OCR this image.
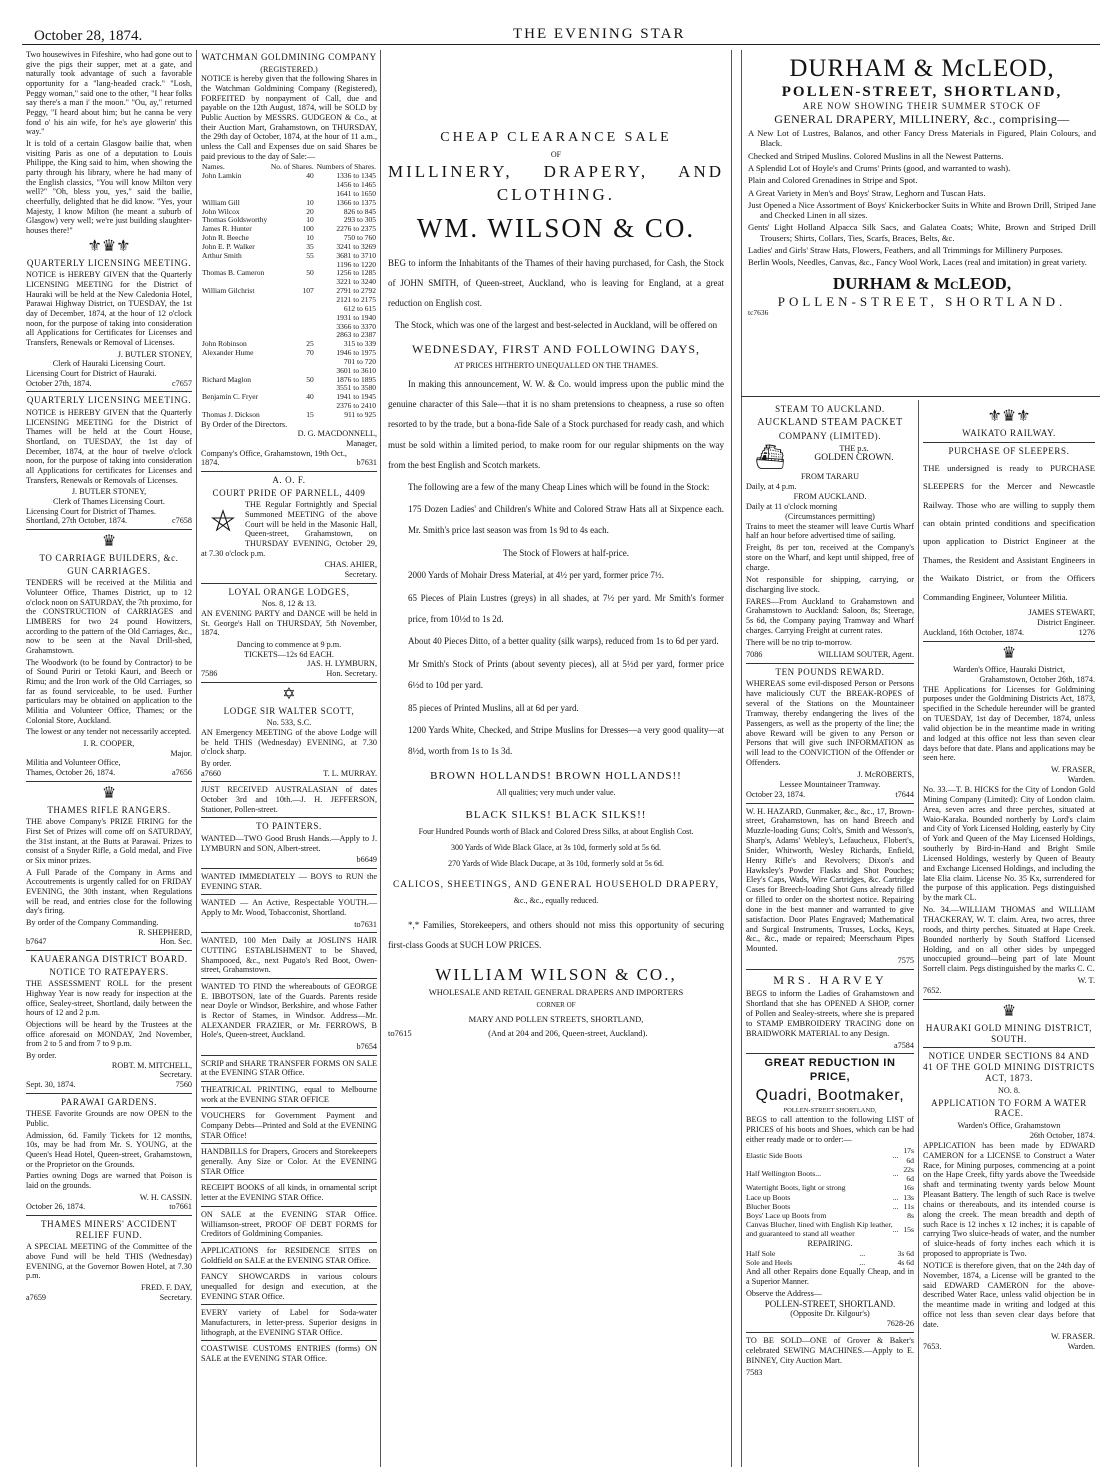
October 28, 1874.	THE EVENING STAR

Two housewives in Fifeshire, who had gone out to give the pigs their supper, met at a gate, and naturally took advantage of such a favorable opportunity for a "lang-headed crack." "Losh, Peggy woman," said one to the other, "I hear folks say there's a man i' the moon." "Ou, ay," returned Peggy, "I heard about him; but he canna be very fond o' his ain wife, for he's aye glowerin' this way."

It is told of a certain Glasgow bailie that, when visiting Paris as one of a deputation to Louis Philippe, the King said to him, when showing the party through his library, where he had many of the English classics, "You will know Milton very well?" "Oh, bless you, yes," said the bailie, cheerfully, delighted that he did know. "Yes, your Majesty, I know Milton (he meant a suburb of Glasgow) very well; we're just building slaughter-houses there!"

⚜♛⚜
QUARTERLY LICENSING MEETING.

NOTICE is HEREBY GIVEN that the Quarterly LICENSING MEETING for the District of Hauraki will be held at the New Caledonia Hotel, Parawai Highway District, on TUESDAY, the 1st day of December, 1874, at the hour of 12 o'clock noon, for the purpose of taking into consideration all Applications for Certificates for Licenses and Transfers, Renewals or Removal of Licenses.

J. BUTLER STONEY,
Clerk of Hauraki Licensing Court.
Licensing Court for District of Hauraki.
October 27th, 1874.	c7657
QUARTERLY LICENSING MEETING.

NOTICE is HEREBY GIVEN that the Quarterly LICENSING MEETING for the District of Thames will be held at the Court House, Shortland, on TUESDAY, the 1st day of December, 1874, at the hour of twelve o'clock noon, for the purpose of taking into consideration all Applications for certificates for Licenses and Transfers, Renewals or Removals of Licenses.

J. BUTLER STONEY,
Clerk of Thames Licensing Court.
Licensing Court for District of Thames.
Shortland, 27th October, 1874.	c7658
♛
TO CARRIAGE BUILDERS, &c.
GUN CARRIAGES.

TENDERS will be received at the Militia and Volunteer Office, Thames District, up to 12 o'clock noon on SATURDAY, the 7th proximo, for the CONSTRUCTION of CARRIAGES and LIMBERS for two 24 pound Howitzers, according to the pattern of the Old Carriages, &c., now to be seen at the Naval Drill-shed, Grahamstown.

The Woodwork (to be found by Contractor) to be of Sound Puriri or Tetoki Kauri, and Beech or Rimu; and the Iron work of the Old Carriages, so far as found serviceable, to be used. Further particulars may be obtained on application to the Militia and Volunteer Office, Thames; or the Colonial Store, Auckland.

The lowest or any tender not necessarily accepted.

I. R. COOPER,
Major.
Militia and Volunteer Office,
Thames, October 26, 1874.	a7656
♛
THAMES RIFLE RANGERS.

THE above Company's PRIZE FIRING for the First Set of Prizes will come off on SATURDAY, the 31st instant, at the Butts at Parawai. Prizes to consist of a Snyder Rifle, a Gold medal, and Five or Six minor prizes.

A Full Parade of the Company in Arms and Accoutrements is urgently called for on FRIDAY EVENING, the 30th instant, when Regulations will be read, and entries close for the following day's firing.

By order of the Company Commanding.
R. SHEPHERD,
b7647	Hon. Sec.
KAUAERANGA DISTRICT BOARD.
NOTICE TO RATEPAYERS.

THE ASSESSMENT ROLL for the present Highway Year is now ready for inspection at the office, Sealey-street, Shortland, daily between the hours of 12 and 2 p.m.

Objections will be heard by the Trustees at the office aforesaid on MONDAY, 2nd November, from 2 to 5 and from 7 to 9 p.m.

By order.
ROBT. M. MITCHELL,
Secretary.
Sept. 30, 1874.	7560
PARAWAI GARDENS.

THESE Favorite Grounds are now OPEN to the Public.

Admission, 6d. Family Tickets for 12 months, 10s, may be had from Mr. S. YOUNG, at the Queen's Head Hotel, Queen-street, Grahamstown, or the Proprietor on the Grounds.

Parties owning Dogs are warned that Poison is laid on the grounds.

W. H. CASSIN.
October 26, 1874.	to7661
THAMES MINERS' ACCIDENT RELIEF FUND.

A SPECIAL MEETING of the Committee of the above Fund will be held THIS (Wednesday) EVENING, at the Governor Bowen Hotel, at 7.30 p.m.

FRED. F. DAY,
a7659	Secretary.
WATCHMAN GOLDMINING COMPANY
(REGISTERED.)

NOTICE is hereby given that the following Shares in the Watchman Goldmining Company (Registered), FORFEITED by nonpayment of Call, due and payable on the 12th August, 1874, will be SOLD by Public Auction by MESSRS. GUDGEON & Co., at their Auction Mart, Grahamstown, on THURSDAY, the 29th day of October, 1874, at the hour of 11 a.m., unless the Call and Expenses due on said Shares be paid previous to the day of Sale:—

Names.	No. of Shares.	Numbers of Shares.
John Lamkin	40	1336 to 1345
		1456 to 1465
		1641 to 1650
William Gill	10	1366 to 1375
John Wilcox	20	826 to 845
Thomas Goldsworthy	10	293 to 305
James R. Hunter	100	2276 to 2375
John R. Beeche	10	750 to 760
John E. P. Walker	35	3241 to 3269
Arthur Smith	55	3681 to 3710
		1196 to 1220
Thomas B. Cameron	50	1256 to 1285
		3221 to 3240
William Gilchrist	107	2791 to 2792
		2121 to 2175
		612 to 615
		1931 to 1940
		3366 to 3370
		2863 to 2387
John Robinson	25	315 to 339
Alexander Hume	70	1946 to 1975
		701 to 720
		3601 to 3610
Richard Maglon	50	1876 to 1895
		3551 to 3580
Benjamin C. Fryer	40	1941 to 1945
		2376 to 2410
Thomas J. Dickson	15	911 to 925
By Order of the Directors.
D. G. MACDONNELL,
Manager,
Company's Office, Grahamstown, 19th Oct.,
1874.	b7631
A. O. F.
COURT PRIDE OF PARNELL, 4409
⛤

THE Regular Fortnightly and Special Summoned MEETING of the above Court will be held in the Masonic Hall, Queen-street, Grahamstown, on THURSDAY EVENING, October 29, at 7.30 o'clock p.m.

CHAS. AHIER,
Secretary.
LOYAL ORANGE LODGES,
Nos. 8, 12 & 13.

AN EVENING PARTY and DANCE will be held in St. George's Hall on THURSDAY, 5th November, 1874.

Dancing to commence at 9 p.m.
TICKETS—12s 6d EACH.
JAS. H. LYMBURN,
7586	Hon. Secretary.
✡
LODGE SIR WALTER SCOTT,
No. 533, S.C.

AN Emergency MEETING of the above Lodge will be held THIS (Wednesday) EVENING, at 7.30 o'clock sharp.

By order.
a7660	T. L. MURRAY.

JUST RECEIVED AUSTRALASIAN of dates October 3rd and 10th.—J. H. JEFFERSON, Stationer, Pollen-street.

TO PAINTERS.

WANTED—TWO Good Brush Hands.—Apply to J. LYMBURN and SON, Albert-street.

b6649

WANTED IMMEDIATELY — BOYS to RUN the EVENING STAR.

WANTED — An Active, Respectable YOUTH.—Apply to Mr. Wood, Tobacconist, Shortland.

to7631

WANTED, 100 Men Daily at JOSLIN'S HAIR CUTTING ESTABLISHMENT to be Shaved, Shampooed, &c., next Pugato's Red Boot, Owen-street, Grahamstown.

WANTED TO FIND the whereabouts of GEORGE E. IBBOTSON, late of the Guards. Parents reside near Doyle or Windsor, Berkshire, and whose Father is Rector of Stames, in Windsor. Address—Mr. ALEXANDER FRAZIER, or Mr. FERROWS, B Hole's, Queen-street, Auckland.

b7654

SCRIP and SHARE TRANSFER FORMS ON SALE at the EVENING STAR Office.

THEATRICAL PRINTING, equal to Melbourne work at the EVENING STAR OFFICE

VOUCHERS for Government Payment and Company Debts—Printed and Sold at the EVENING STAR Office!

HANDBILLS for Drapers, Grocers and Storekeepers generally. Any Size or Color. At the EVENING STAR Office

RECEIPT BOOKS of all kinds, in ornamental script letter at the EVENING STAR Office.

ON SALE at the EVENING STAR Office. Williamson-street, PROOF OF DEBT FORMS for Creditors of Goldmining Companies.

APPLICATIONS for RESIDENCE SITES on Goldfield on SALE at the EVENING STAR Office.

FANCY SHOWCARDS in various colours unequalled for design and execution, at the EVENING STAR Office.

EVERY variety of Label for Soda-water Manufacturers, in letter-press. Superior designs in lithograph, at the EVENING STAR Office.

COASTWISE CUSTOMS ENTRIES (forms) ON SALE at the EVENING STAR Office.

CHEAP CLEARANCE SALE
OF
MILLINERY, DRAPERY, AND
CLOTHING.
WM. WILSON & CO.

BEG to inform the Inhabitants of the Thames of their having purchased, for Cash, the Stock of JOHN SMITH, of Queen-street, Auckland, who is leaving for England, at a great reduction on English cost.

The Stock, which was one of the largest and best-selected in Auckland, will be offered on

WEDNESDAY, FIRST AND FOLLOWING DAYS,
AT PRICES HITHERTO UNEQUALLED ON THE THAMES.

In making this announcement, W. W. & Co. would impress upon the public mind the genuine character of this Sale—that it is no sham pretensions to cheapness, a ruse so often resorted to by the trade, but a bona-fide Sale of a Stock purchased for ready cash, and which must be sold within a limited period, to make room for our regular shipments on the way from the best English and Scotch markets.

The following are a few of the many Cheap Lines which will be found in the Stock:

175 Dozen Ladies' and Children's White and Colored Straw Hats all at Sixpence each. Mr. Smith's price last season was from 1s 9d to 4s each.

The Stock of Flowers at half-price.

2000 Yards of Mohair Dress Material, at 4½ per yard, former price 7½.

65 Pieces of Plain Lustres (greys) in all shades, at 7½ per yard. Mr Smith's former price, from 10½d to 1s 2d.

About 40 Pieces Ditto, of a better quality (silk warps), reduced from 1s to 6d per yard.

Mr Smith's Stock of Prints (about seventy pieces), all at 5½d per yard, former price 6½d to 10d per yard.

85 pieces of Printed Muslins, all at 6d per yard.

1200 Yards White, Checked, and Stripe Muslins for Dresses—a very good quality—at 8½d, worth from 1s to 1s 3d.

BROWN HOLLANDS! BROWN HOLLANDS!!
All qualities; very much under value.
BLACK SILKS! BLACK SILKS!!
Four Hundred Pounds worth of Black and Colored Dress Silks, at about English Cost.
300 Yards of Wide Black Glace, at 3s 10d, formerly sold at 5s 6d.
270 Yards of Wide Black Ducape, at 3s 10d, formerly sold at 5s 6d.
CALICOS, SHEETINGS, AND GENERAL HOUSEHOLD DRAPERY,
&c., &c., equally reduced.

*,* Families, Storekeepers, and others should not miss this opportunity of securing first-class Goods at SUCH LOW PRICES.

WILLIAM WILSON & CO.,
WHOLESALE AND RETAIL GENERAL DRAPERS AND IMPORTERS
CORNER OF
MARY AND POLLEN STREETS, SHORTLAND,
to7615	(And at 204 and 206, Queen-street, Auckland).
DURHAM & McLEOD,
POLLEN-STREET, SHORTLAND,
ARE NOW SHOWING THEIR SUMMER STOCK OF
GENERAL DRAPERY, MILLINERY, &c., comprising—

A New Lot of Lustres, Balanos, and other Fancy Dress Materials in Figured, Plain Colours, and Black.

Checked and Striped Muslins. Colored Muslins in all the Newest Patterns.

A Splendid Lot of Hoyle's and Crums' Prints (good, and warranted to wash).

Plain and Colored Grenadines in Stripe and Spot.

A Great Variety in Men's and Boys' Straw, Leghorn and Tuscan Hats.

Just Opened a Nice Assortment of Boys' Knickerbocker Suits in White and Brown Drill, Striped Jane and Checked Linen in all sizes.

Gents' Light Holland Alpacca Silk Sacs, and Galatea Coats; White, Brown and Striped Drill Trousers; Shirts, Collars, Ties, Scarfs, Braces, Belts, &c.

Ladies' and Girls' Straw Hats, Flowers, Feathers, and all Trimmings for Millinery Purposes.

Berlin Wools, Needles, Canvas, &c., Fancy Wool Work, Laces (real and imitation) in great variety.

DURHAM & McLEOD,
POLLEN-STREET, SHORTLAND.
tc7636
STEAM TO AUCKLAND.
AUCKLAND STEAM PACKET
COMPANY (LIMITED).
⛴	THE p.s.
GOLDEN CROWN.
FROM TARARU
Daily, at 4 p.m.
FROM AUCKLAND.
Daily at 11 o'clock morning
(Circumstances permitting)

Trains to meet the steamer will leave Curtis Wharf half an hour before advertised time of sailing.

Freight, 8s per ton, received at the Company's store on the Wharf, and kept until shipped, free of charge.

Not responsible for shipping, carrying, or discharging live stock.

FARES—From Auckland to Grahamstown and Grahamstown to Auckland: Saloon, 8s; Steerage, 5s 6d, the Company paying Tramway and Wharf charges. Carrying Freight at current rates.

There will be no trip to-morrow.

7086	WILLIAM SOUTER, Agent.
TEN POUNDS REWARD.

WHEREAS some evil-disposed Person or Persons have maliciously CUT the BREAK-ROPES of several of the Stations on the Mountaineer Tramway, thereby endangering the lives of the Passengers, as well as the property of the line; the above Reward will be given to any Person or Persons that will give such INFORMATION as will lead to the CONVICTION of the Offender or Offenders.

J. McROBERTS,
Lessee Mountaineer Tramway.
October 23, 1874.	t7644

W. H. HAZARD, Gunmaker, &c., &c., 17, Brown-street, Grahamstown, has on hand Breech and Muzzle-loading Guns; Colt's, Smith and Wesson's, Sharp's, Adams' Webley's, Lefaucheux, Flobert's, Snider, Whitworth, Wesley Richards, Enfield, Henry Rifle's and Revolvers; Dixon's and Hawksley's Powder Flasks and Shot Pouches; Eley's Caps, Wads, Wire Cartridges, &c. Cartridge Cases for Breech-loading Shot Guns already filled or filled to order on the shortest notice. Repairing done in the best manner and warranted to give satisfaction. Door Plates Engraved; Mathematical and Surgical Instruments, Trusses, Locks, Keys, &c., &c., made or repaired; Meerschaum Pipes Mounted.

7575
MRS. HARVEY

BEGS to inform the Ladies of Grahamstown and Shortland that she has OPENED A SHOP, corner of Pollen and Sealey-streets, where she is prepared to STAMP EMBROIDERY TRACING done on BRAIDWORK MATERIAL to any Design.

a7584
GREAT REDUCTION IN PRICE,
Quadri, Bootmaker,
POLLEN-STREET SHORTLAND,

BEGS to call attention to the following LIST of PRICES of his boots and Shoes, which can be had either ready made or to order:—

Elastic Side Boots	...	17s 6d
Half Wellington Boots...	...	22s 6d
Watertight Boots, light or strong		16s
Lace up Boots	...	13s
Blucher Boots	...	11s
Boys' Lace up Boots from		8s
Canvas Blucher, lined with English Kip leather, and guaranteed to stand all weather	...	15s
REPAIRING.
Half Sole	...	3s 6d
Sole and Heels	...	4s 6d

And all other Repairs done Equally Cheap, and in a Superior Manner.

Observe the Address—
POLLEN-STREET, SHORTLAND.
(Opposite Dr. Kilgour's)
7628-26

TO BE SOLD—ONE of Grover & Baker's celebrated SEWING MACHINES.—Apply to E. BINNEY, City Auction Mart.

7583
⚜♛⚜
WAIKATO RAILWAY.
PURCHASE OF SLEEPERS.

THE undersigned is ready to PURCHASE SLEEPERS for the Mercer and Newcastle Railway. Those who are willing to supply them can obtain printed conditions and specification upon application to District Engineer at the Thames, the Resident and Assistant Engineers in the Waikato District, or from the Officers Commanding Engineer, Volunteer Militia.

JAMES STEWART,
District Engineer.
Auckland, 16th October, 1874.	1276
♛
Warden's Office, Hauraki District,
Grahamstown, October 26th, 1874.

THE Applications for Licenses for Goldmining purposes under the Goldmining Districts Act, 1873, specified in the Schedule hereunder will be granted on TUESDAY, 1st day of December, 1874, unless valid objection be in the meantime made in writing and lodged at this office not less than seven clear days before that date. Plans and applications may be seen here.

W. FRASER,
Warden.

No. 33.—T. B. HICKS for the City of London Gold Mining Company (Limited): City of London claim. Area, seven acres and three perches, situated at Waio-Karaka. Bounded northerly by Lord's claim and City of York Licensed Holding, easterly by City of York and Queen of the May Licensed Holdings, southerly by Bird-in-Hand and Bright Smile Licensed Holdings, westerly by Queen of Beauty and Exchange Licensed Holdings, and including the late Elia claim. License No. 35 Kx, surrendered for the purpose of this application. Pegs distinguished by the mark CL.

No. 34.—WILLIAM THOMAS and WILLIAM THACKERAY, W. T. claim. Area, two acres, three roods, and thirty perches. Situated at Hape Creek. Bounded northerly by South Stafford Licensed Holding, and on all other sides by unpegged unoccupied ground—being part of late Mount Sorrell claim. Pegs distinguished by the marks C. C.

W. T.
7652.
♛
HAURAKI GOLD MINING DISTRICT, SOUTH.
NOTICE UNDER SECTIONS 84 AND 41 OF THE GOLD MINING DISTRICTS ACT, 1873.
NO. 8.
APPLICATION TO FORM A WATER RACE.
Warden's Office, Grahamstown
26th October, 1874.

APPLICATION has been made by EDWARD CAMERON for a LICENSE to Construct a Water Race, for Mining purposes, commencing at a point on the Hape Creek, fifty yards above the Tweedside shaft and terminating twenty yards below Mount Pleasant Battery. The length of such Race is twelve chains or thereabouts, and its intended course is along the creek. The mean breadth and depth of such Race is 12 inches x 12 inches; it is capable of carrying Two sluice-heads of water, and the number of sluice-heads of forty inches each which it is proposed to appropriate is Two.

NOTICE is therefore given, that on the 24th day of November, 1874, a License will be granted to the said EDWARD CAMERON for the above-described Water Race, unless valid objection be in the meantime made in writing and lodged at this office not less than seven clear days before that date.

W. FRASER.
7653.	Warden.
